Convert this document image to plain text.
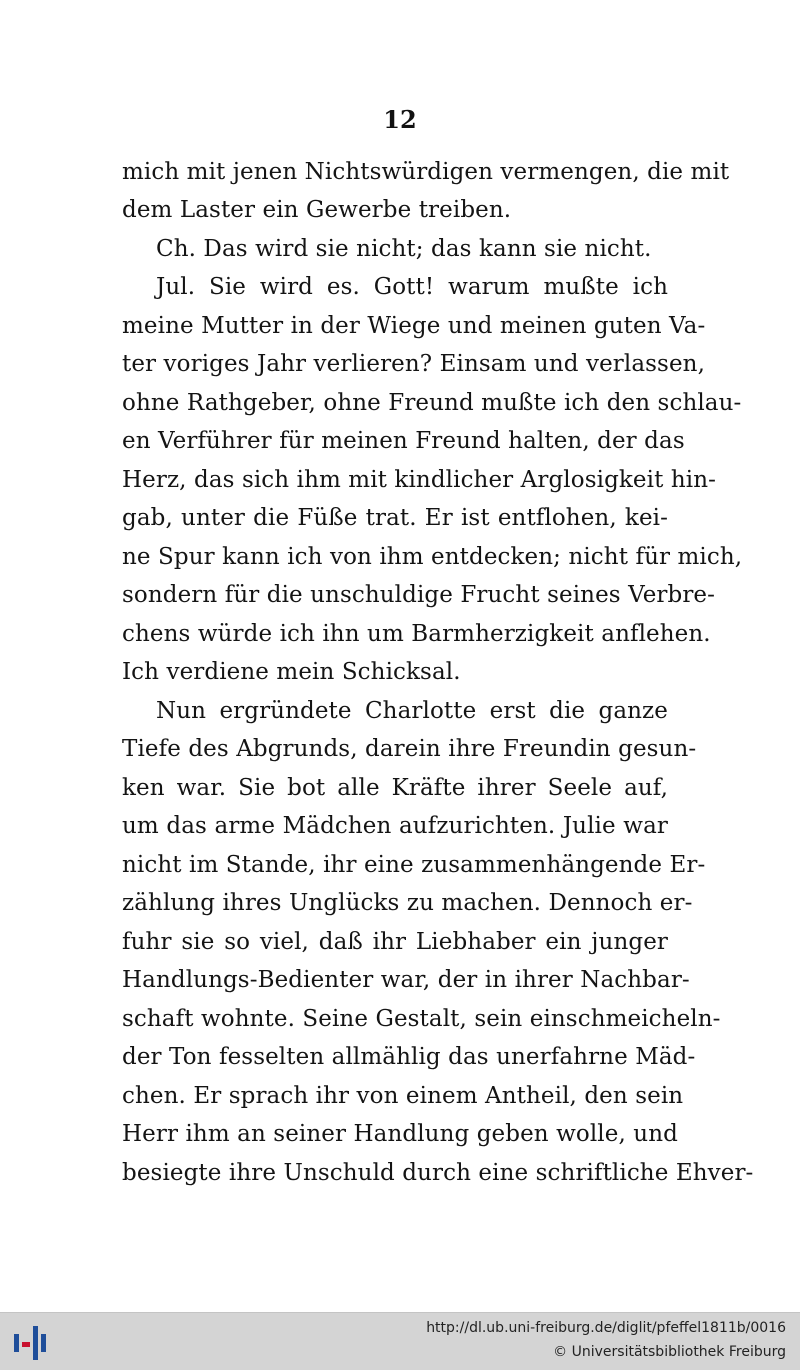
12
mich mit jenen Nichtswürdigen vermengen, die mit
dem Laster ein Gewerbe treiben.
Ch. Das wird sie nicht; das kann sie nicht.
Jul. Sie wird es. Gott! warum mußte ich
meine Mutter in der Wiege und meinen guten Va-
ter voriges Jahr verlieren? Einsam und verlassen,
ohne Rathgeber, ohne Freund mußte ich den schlau-
en Verführer für meinen Freund halten, der das
Herz, das sich ihm mit kindlicher Arglosigkeit hin-
gab, unter die Füße trat. Er ist entflohen, kei-
ne Spur kann ich von ihm entdecken; nicht für mich,
sondern für die unschuldige Frucht seines Verbre-
chens würde ich ihn um Barmherzigkeit anflehen.
Ich verdiene mein Schicksal.
Nun ergründete Charlotte erst die ganze
Tiefe des Abgrunds, darein ihre Freundin gesun-
ken war. Sie bot alle Kräfte ihrer Seele auf,
um das arme Mädchen aufzurichten. Julie war
nicht im Stande, ihr eine zusammenhängende Er-
zählung ihres Unglücks zu machen. Dennoch er-
fuhr sie so viel, daß ihr Liebhaber ein junger
Handlungs-Bedienter war, der in ihrer Nachbar-
schaft wohnte. Seine Gestalt, sein einschmeicheln-
der Ton fesselten allmählig das unerfahrne Mäd-
chen. Er sprach ihr von einem Antheil, den sein
Herr ihm an seiner Handlung geben wolle, und
besiegte ihre Unschuld durch eine schriftliche Ehver-
http://dl.ub.uni-freiburg.de/diglit/pfeffel1811b/0016
© Universitätsbibliothek Freiburg
